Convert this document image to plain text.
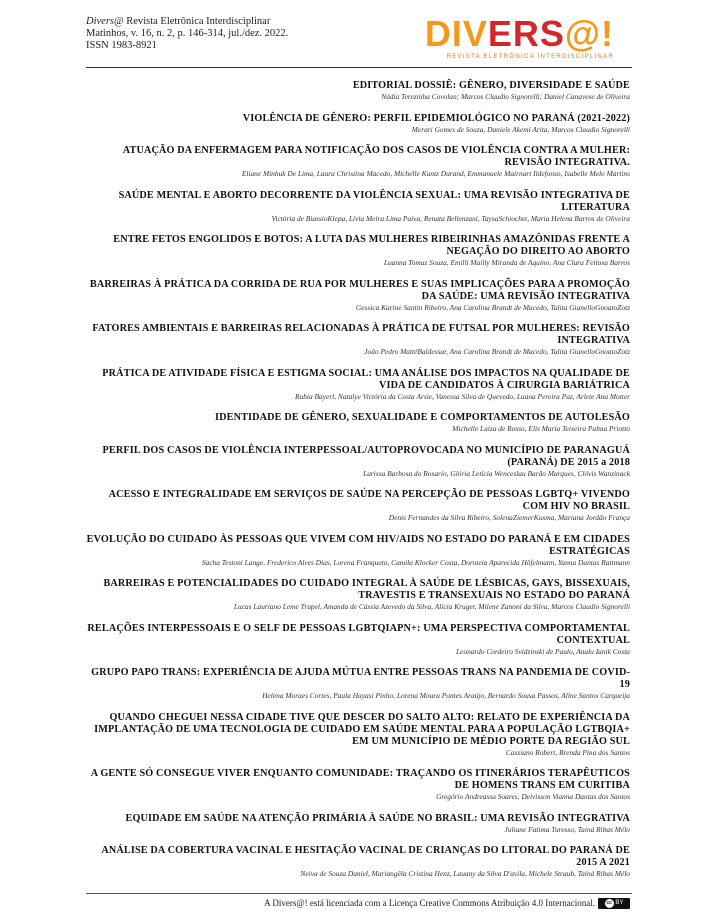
Divers@ Revista Eletrônica Interdisciplinar
Matinhos, v. 16, n. 2, p. 146-314, jul./dez. 2022.
ISSN 1983-8921	DIVERS@!
REVISTA ELETRÔNICA INTERDISCIPLINAR
EDITORIAL DOSSIÊ: GÊNERO, DIVERSIDADE E SAÚDE
Nádia Terezinha Covolan; Marcos Claudio Signorelli; Daniel Canavese de Oliveira
VIOLÊNCIA DE GÊNERO: PERFIL EPIDEMIOLÓGICO NO PARANÁ (2021-2022)
Merari Gomes de Souza, Daniele Akemi Arita, Marcos Claudio Signorelli
ATUAÇÃO DA ENFERMAGEM PARA NOTIFICAÇÃO DOS CASOS DE VIOLÊNCIA CONTRA A MULHER: REVISÃO INTEGRATIVA.
Eliane Minhuk De Lima, Laura Christina Macedo, Michelle Kuntz Durand, Emmanuele Mairnart Ildefonso, Isabelle Melo Martins
SAÚDE MENTAL E ABORTO DECORRENTE DA VIOLÊNCIA SEXUAL: UMA REVISÃO INTEGRATIVA DE LITERATURA
Victória de BiassioKlepa, Lívia Meira Lima Paiva, Renata Bellenzani, TaysaSchiochet, Maria Helena Barros de Oliveira
ENTRE FETOS ENGOLIDOS E BOTOS: A LUTA DAS MULHERES RIBEIRINHAS AMAZÔNIDAS FRENTE A NEGAÇÃO DO DIREITO AO ABORTO
Luanna Tomaz Souza, Emilli Mailly Miranda de Aquino, Ana Clara Feitosa Barros
BARREIRAS À PRÁTICA DA CORRIDA DE RUA POR MULHERES E SUAS IMPLICAÇÕES PARA A PROMOÇÃO DA SAÚDE: UMA REVISÃO INTEGRATIVA
Gessica Karine Santin Ribeiro, Ana Carolina Brandt de Macedo, Talita GianelloGnoatoZotz
FATORES AMBIENTAIS E BARREIRAS RELACIONADAS À PRÁTICA DE FUTSAL POR MULHERES: REVISÃO INTEGRATIVA
João Pedro MattéBaldessar, Ana Carolina Brandt de Macedo, Talita GianelloGnoatoZotz
PRÁTICA DE ATIVIDADE FÍSICA E ESTIGMA SOCIAL: UMA ANÁLISE DOS IMPACTOS NA QUALIDADE DE VIDA DE CANDIDATOS À CIRURGIA BARIÁTRICA
Rubia Bayerl, Natalye Victória da Costa Arsie, Vanessa Silva de Quevedo, Luana Pereira Paz, Arlete Ana Motter
IDENTIDADE DE GÊNERO, SEXUALIDADE E COMPORTAMENTOS DE AUTOLESÃO
Michelle Luiza de Rosso, Elis Maria Teixeira Palma Priotto
PERFIL DOS CASOS DE VIOLÊNCIA INTERPESSOAL/AUTOPROVOCADA NO MUNICÍPIO DE PARANAGUÁ (PARANÁ) DE 2015 a 2018
Larissa Barbosa do Rosario, Glória Letícia Wenceslau Barão Marques, Clóvis Wanzinack
ACESSO E INTEGRALIDADE EM SERVIÇOS DE SAÚDE NA PERCEPÇÃO DE PESSOAS LGBTQ+ VIVENDO COM HIV NO BRASIL
Denis Fernandes da Silva Ribeiro, SolenaZiemerKusma, Mariana Jordão França
EVOLUÇÃO DO CUIDADO ÀS PESSOAS QUE VIVEM COM HIV/AIDS NO ESTADO DO PARANÁ E EM CIDADES ESTRATÉGICAS
Sacha Testoni Lange, Frederico Alves Dias, Lorena Franqueto, Camila Klocker Costa, Doroteia Aparecida Höfelmann, Yanna Dantas Rattmann
BARREIRAS E POTENCIALIDADES DO CUIDADO INTEGRAL À SAÚDE DE LÉSBICAS, GAYS, BISSEXUAIS, TRAVESTIS E TRANSEXUAIS NO ESTADO DO PARANÁ
Lucas Lauriano Leme Trupel, Amanda de Cássia Azevedo da Silva, Alícia Kruger, Milene Zanoni da Silva, Marcos Claudio Signorelli
RELAÇÕES INTERPESSOAIS E O SELF DE PESSOAS LGBTQIAPN+: UMA PERSPECTIVA COMPORTAMENTAL CONTEXTUAL
Leonardo Cordeiro Svidzinski de Paulo, Analu Ianik Costa
GRUPO PAPO TRANS: EXPERIÊNCIA DE AJUDA MÚTUA ENTRE PESSOAS TRANS NA PANDEMIA DE COVID-19
Helena Moraes Cortes, Paula Hayasi Pinho, Lorena Moura Pontes Araújo, Bernardo Sousa Passos, Aline Santos Carqueija
QUANDO CHEGUEI NESSA CIDADE TIVE QUE DESCER DO SALTO ALTO: RELATO DE EXPERIÊNCIA DA IMPLANTAÇÃO DE UMA TECNOLOGIA DE CUIDADO EM SAÚDE MENTAL PARA A POPULAÇÃO LGTBQIA+ EM UM MUNICÍPIO DE MÉDIO PORTE DA REGIÃO SUL
Cassiano Robert, Brenda Pina dos Santos
A GENTE SÓ CONSEGUE VIVER ENQUANTO COMUNIDADE: TRAÇANDO OS ITINERÁRIOS TERAPÊUTICOS DE HOMENS TRANS EM CURITIBA
Gregório Andreassa Soares, Deivisson Vianna Dantas dos Santos
EQUIDADE EM SAÚDE NA ATENÇÃO PRIMÁRIA À SAÚDE NO BRASIL: UMA REVISÃO INTEGRATIVA
Juliane Fatima Turesso, Tainá Ribas Mélo
ANÁLISE DA COBERTURA VACINAL E HESITAÇÃO VACINAL DE CRIANÇAS DO LITORAL DO PARANÁ DE 2015 A 2021
Neiva de Souza Daniel, Mariangêla Cristina Henz, Lauany da Silva D'avila, Michele Straub, Tainá Ribas Mélo
A Divers@! está licenciada com a Licença Creative Commons Atribuição 4.0 Internacional.	cc BY
